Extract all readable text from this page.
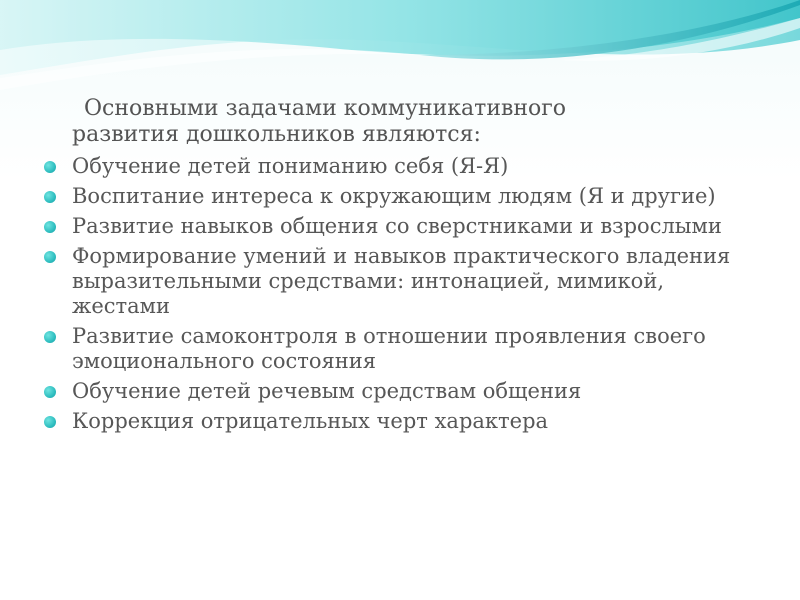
Основными задачами коммуникативного
развития дошкольников являются:
Обучение детей пониманию себя (Я-Я)
Воспитание интереса к окружающим людям (Я и другие)
Развитие навыков общения со сверстниками и взрослыми
Формирование умений и навыков практического владения выразительными средствами: интонацией, мимикой, жестами
Развитие самоконтроля в отношении проявления своего эмоционального состояния
Обучение детей речевым средствам общения
Коррекция отрицательных черт характера
